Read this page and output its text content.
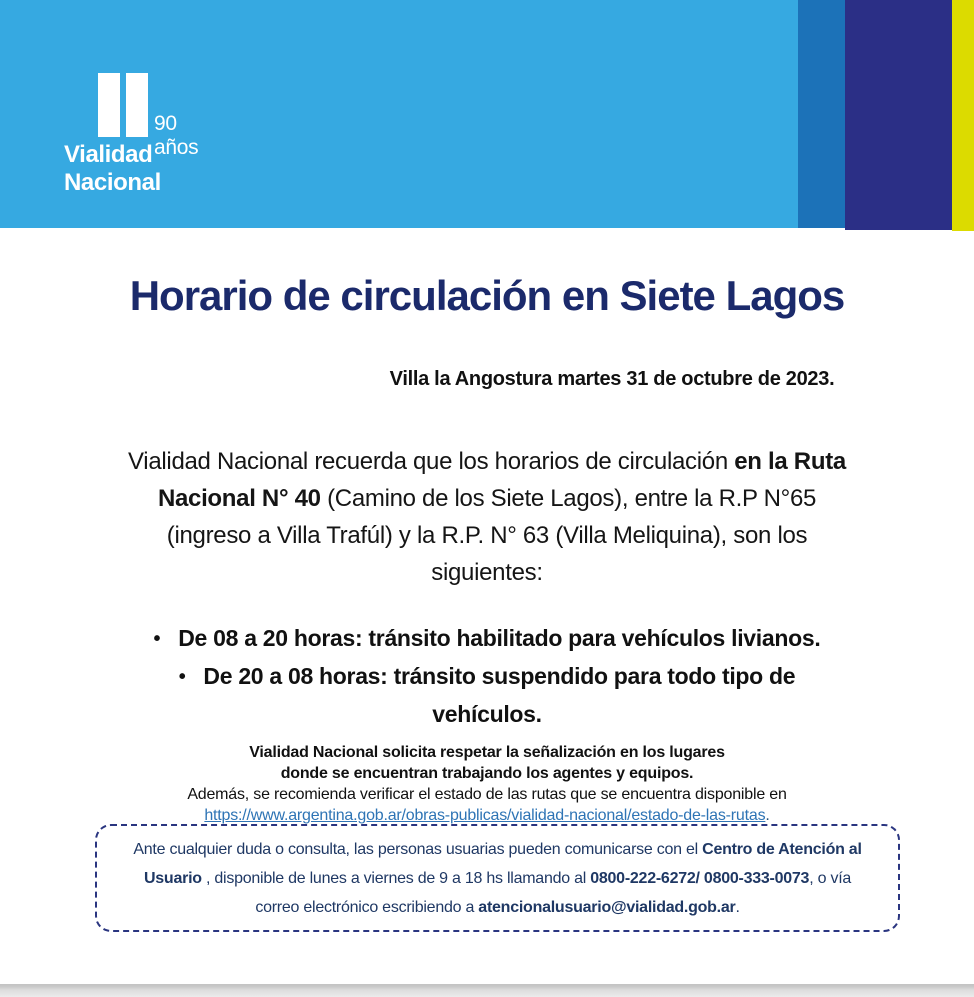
90 años
Vialidad Nacional
Horario de circulación en Siete Lagos
Villa la Angostura martes 31 de octubre de 2023.
Vialidad Nacional recuerda que los horarios de circulación en la Ruta
Nacional N° 40 (Camino de los Siete Lagos), entre la R.P N°65
(ingreso a Villa Trafúl) y la R.P. N° 63 (Villa Meliquina), son los
siguientes:
• De 08 a 20 horas: tránsito habilitado para vehículos livianos.
• De 20 a 08 horas: tránsito suspendido para todo tipo de
vehículos.
Vialidad Nacional solicita respetar la señalización en los lugares
donde se encuentran trabajando los agentes y equipos.
Además, se recomienda verificar el estado de las rutas que se encuentra disponible en
https://www.argentina.gob.ar/obras-publicas/vialidad-nacional/estado-de-las-rutas.
Ante cualquier duda o consulta, las personas usuarias pueden comunicarse con el Centro de Atención al
Usuario , disponible de lunes a viernes de 9 a 18 hs llamando al 0800-222-6272/ 0800-333-0073, o vía
correo electrónico escribiendo a atencionalusuario@vialidad.gob.ar.
